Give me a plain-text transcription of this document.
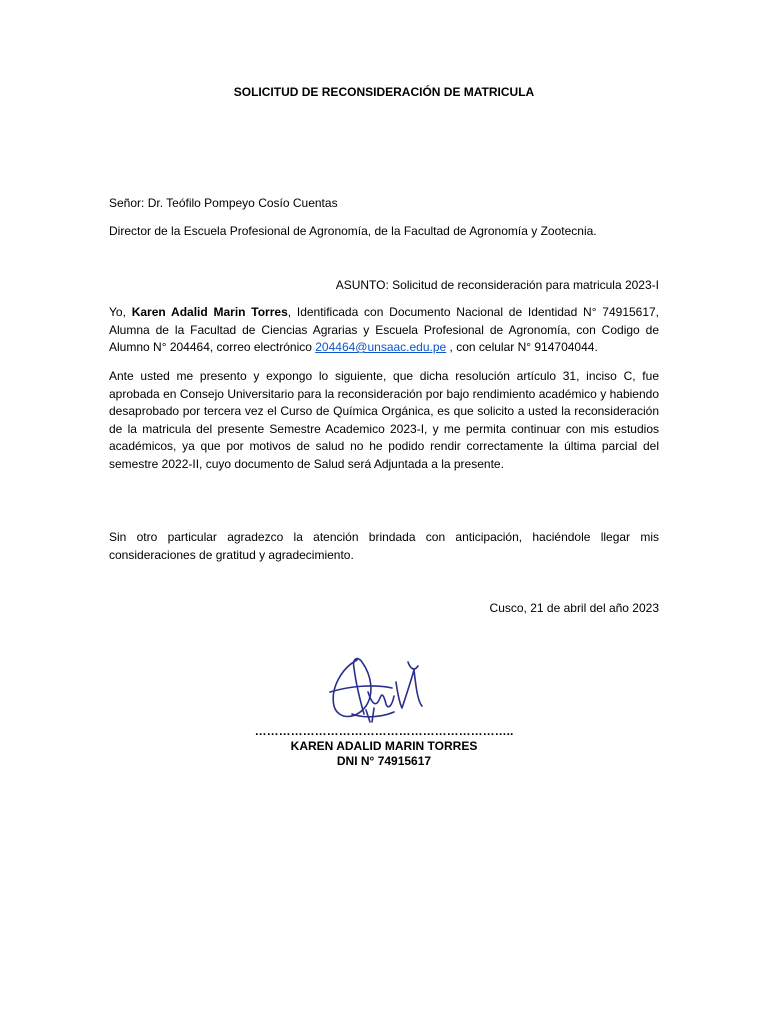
SOLICITUD DE RECONSIDERACIÓN DE MATRICULA
Señor: Dr. Teófilo Pompeyo Cosío Cuentas
Director de la Escuela Profesional de Agronomía, de la Facultad de Agronomía y Zootecnia.
ASUNTO: Solicitud de reconsideración para matricula 2023-I
Yo, Karen Adalid Marin Torres, Identificada con Documento Nacional de Identidad N° 74915617, Alumna de la Facultad de Ciencias Agrarias y Escuela Profesional de Agronomía, con Codigo de Alumno N° 204464, correo electrónico 204464@unsaac.edu.pe , con celular N° 914704044.
Ante usted me presento y expongo lo siguiente, que dicha resolución artículo 31, inciso C, fue aprobada en Consejo Universitario para la reconsideración por bajo rendimiento académico y habiendo desaprobado por tercera vez el Curso de Química Orgánica, es que solicito a usted la reconsideración de la matricula del presente Semestre Academico 2023-I, y me permita continuar con mis estudios académicos, ya que por motivos de salud no he podido rendir correctamente la última parcial del semestre 2022-II, cuyo documento de Salud será Adjuntada a la presente.
Sin otro particular agradezco la atención brindada con anticipación, haciéndole llegar mis consideraciones de gratitud y agradecimiento.
Cusco, 21 de abril del año 2023
………………………………………………………..
KAREN ADALID MARIN TORRES
DNI N° 74915617
